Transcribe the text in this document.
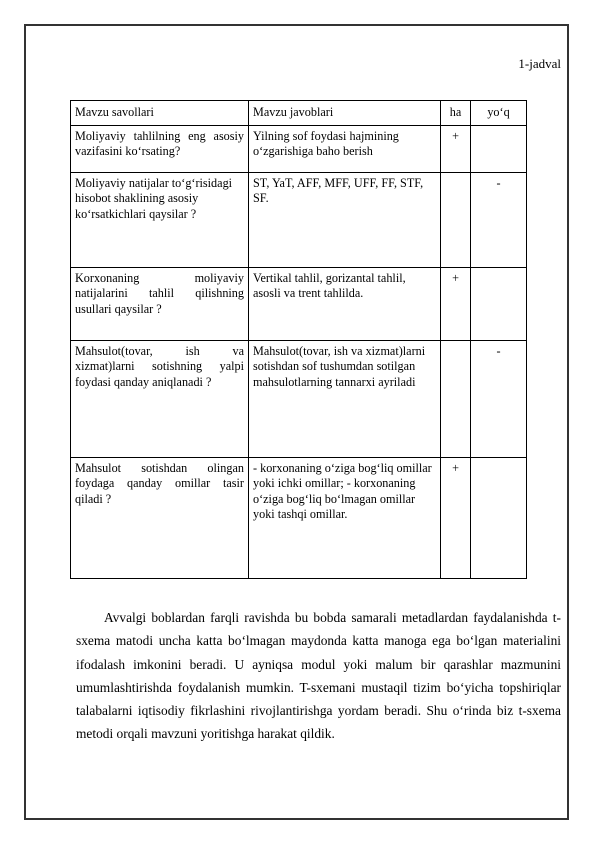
1-jadval
Mavzu savollari	Mavzu javoblari	ha	yo‘q
Moliyaviy tahlilning eng asosiy vazifasini ko‘rsating?	Yilning sof foydasi hajmining o‘zgarishiga baho berish	+	
Moliyaviy natijalar to‘g‘risidagi hisobot shaklining asosiy ko‘rsatkichlari qaysilar ?	ST, YaT, AFF, MFF, UFF, FF, STF, SF.		-
Korxonaning moliyaviy natijalarini tahlil qilishning usullari qaysilar ?	Vertikal tahlil, gorizantal tahlil, asosli va trent tahlilda.	+	
Mahsulot(tovar, ish va xizmat)larni sotishning yalpi foydasi qanday aniqlanadi ?	Mahsulot(tovar, ish va xizmat)larni sotishdan sof tushumdan sotilgan mahsulotlarning tannarxi ayriladi		-
Mahsulot sotishdan olingan foydaga qanday omillar tasir qiladi ?	- korxonaning o‘ziga bog‘liq omillar yoki ichki omillar; - korxonaning o‘ziga bog‘liq bo‘lmagan omillar yoki tashqi omillar.	+	

Avvalgi boblardan farqli ravishda bu bobda samarali metadlardan faydalanishda t-sxema matodi uncha katta bo‘lmagan maydonda katta manoga ega bo‘lgan materialini ifodalash imkonini beradi. U ayniqsa modul yoki malum bir qarashlar mazmunini umumlashtirishda foydalanish mumkin. T-sxemani mustaqil tizim bo‘yicha topshiriqlar talabalarni iqtisodiy fikrlashini rivojlantirishga yordam beradi. Shu o‘rinda biz t-sxema metodi orqali mavzuni yoritishga harakat qildik.
